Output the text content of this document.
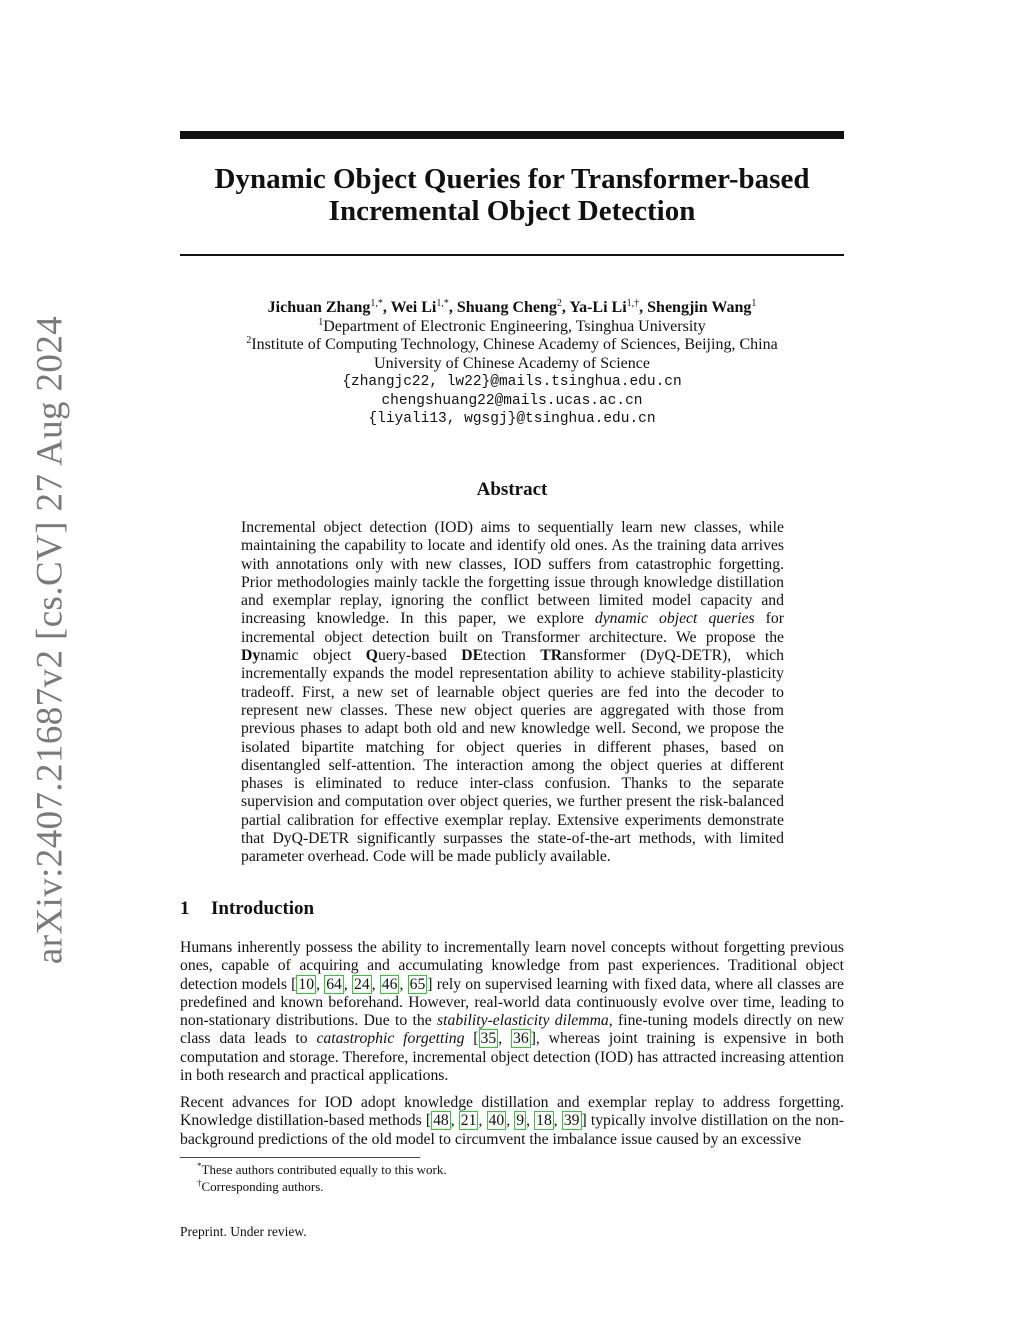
arXiv:2407.21687v2 [cs.CV] 27 Aug 2024
Dynamic Object Queries for Transformer-based
Incremental Object Detection
Jichuan Zhang$^{1,*}$, Wei $Li^{1,*}$, Shuang Cheng$^2$, Ya-Li $Li^{1,\dagger}$, Shengjin Wang$^1$
$^1$Department of Electronic Engineering, Tsinghua University
$^2$Institute of Computing Technology, Chinese Academy of Sciences, Beijing, China
University of Chinese Academy of Science
{zhangjc22, lw22}@mails.tsinghua.edu.cn
chengshuang22@mails.ucas.ac.cn
{liyali13, wgsgj}@tsinghua.edu.cn
Abstract

Incremental object detection (IOD) aims to sequentially learn new classes, while maintaining the capability to locate and identify old ones. As the training data arrives with annotations only with new classes, IOD suffers from catastrophic forgetting. Prior methodologies mainly tackle the forgetting issue through knowledge distillation and exemplar replay, ignoring the conflict between limited model capacity and increasing knowledge. In this paper, we explore dynamic object queries for incremental object detection built on Transformer architecture. We propose the Dynamic object Query-based DEtection TRansformer (DyQ-DETR), which incrementally expands the model representation ability to achieve stability-plasticity tradeoff. First, a new set of learnable object queries are fed into the decoder to represent new classes. These new object queries are aggregated with those from previous phases to adapt both old and new knowledge well. Second, we propose the isolated bipartite matching for object queries in different phases, based on disentangled self-attention. The interaction among the object queries at different phases is eliminated to reduce inter-class confusion. Thanks to the separate supervision and computation over object queries, we further present the risk-balanced partial calibration for effective exemplar replay. Extensive experiments demonstrate that DyQ-DETR significantly surpasses the state-of-the-art methods, with limited parameter overhead. Code will be made publicly available.

1 Introduction

Humans inherently possess the ability to incrementally learn novel concepts without forgetting previous ones, capable of acquiring and accumulating knowledge from past experiences. Traditional object detection models [ 10 , 64 , 24 , 46 , 65 ] rely on supervised learning with fixed data, where all classes are predefined and known beforehand. However, real-world data continuously evolve over time, leading to non-stationary distributions. Due to the stability-elasticity dilemma, fine-tuning models directly on new class data leads to catastrophic forgetting [ 35 , 36 ], whereas joint training is expensive in both computation and storage. Therefore, incremental object detection (IOD) has attracted increasing attention in both research and practical applications.

Recent advances for IOD adopt knowledge distillation and exemplar replay to address forgetting. Knowledge distillation-based methods [ 48 , 21 , 40 , 9 , 18 , 39 ] typically involve distillation on the non-background predictions of the old model to circumvent the imbalance issue caused by an excessive

*These authors contributed equally to this work.
†Corresponding authors.
Preprint. Under review.
